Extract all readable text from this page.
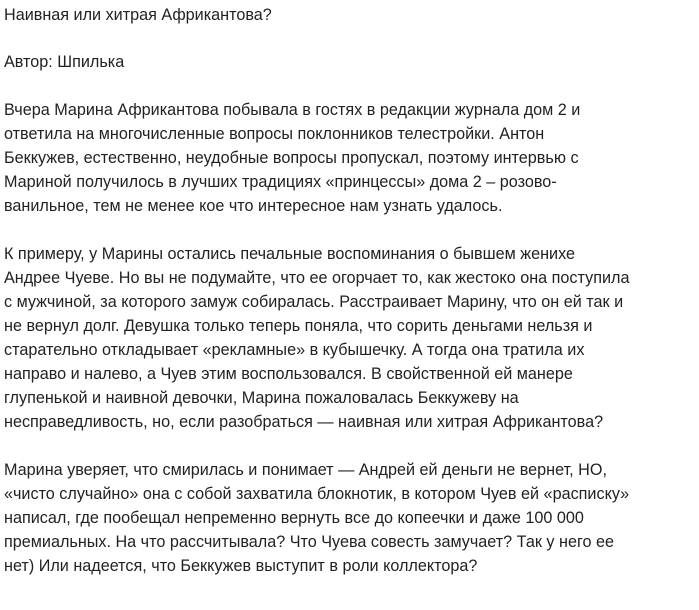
Наивная или хитрая Африкантова?

Автор: Шпилька

Вчера Марина Африкантова побывала в гостях в редакции журнала дом 2 и
ответила на многочисленные вопросы поклонников телестройки. Антон
Беккужев, естественно, неудобные вопросы пропускал, поэтому интервью с
Мариной получилось в лучших традициях «принцессы» дома 2 – розово-
ванильное, тем не менее кое что интересное нам узнать удалось.

К примеру, у Марины остались печальные воспоминания о бывшем женихе
Андрее Чуеве. Но вы не подумайте, что ее огорчает то, как жестоко она поступила
с мужчиной, за которого замуж собиралась. Расстраивает Марину, что он ей так и
не вернул долг. Девушка только теперь поняла, что сорить деньгами нельзя и
старательно откладывает «рекламные» в кубышечку. А тогда она тратила их
направо и налево, а Чуев этим воспользовался. В свойственной ей манере
глупенькой и наивной девочки, Марина пожаловалась Беккужеву на
несправедливость, но, если разобраться — наивная или хитрая Африкантова?

Марина уверяет, что смирилась и понимает — Андрей ей деньги не вернет, НО,
«чисто случайно» она с собой захватила блокнотик, в котором Чуев ей «расписку»
написал, где пообещал непременно вернуть все до копеечки и даже 100 000
премиальных. На что рассчитывала? Что Чуева совесть замучает? Так у него ее
нет) Или надеется, что Беккужев выступит в роли коллектора?
